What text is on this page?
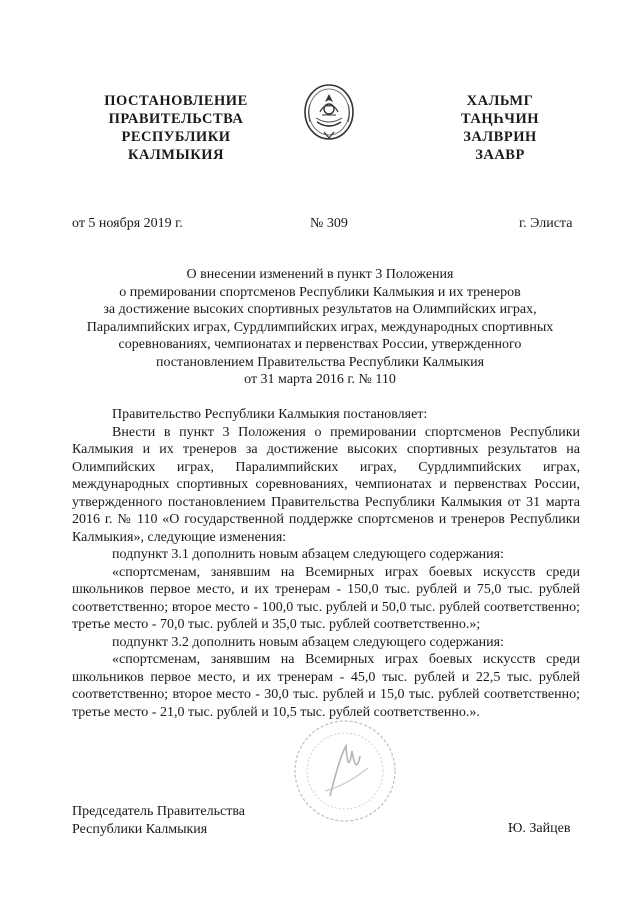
ПОСТАНОВЛЕНИЕ
ПРАВИТЕЛЬСТВА
РЕСПУБЛИКИ
КАЛМЫКИЯ
ХАЛЬМГ
ТАҢҺЧИН
ЗАЛВРИН
ЗААВР
от 5 ноября 2019 г.	№ 309	г. Элиста
О внесении изменений в пункт 3 Положения
о премировании спортсменов Республики Калмыкия и их тренеров
за достижение высоких спортивных результатов на Олимпийских играх,
Паралимпийских играх, Сурдлимпийских играх, международных спортивных
соревнованиях, чемпионатах и первенствах России, утвержденного
постановлением Правительства Республики Калмыкия
от 31 марта 2016 г. № 110

Правительство Республики Калмыкия постановляет:

Внести в пункт 3 Положения о премировании спортсменов Республики Калмыкия и их тренеров за достижение высоких спортивных результатов на Олимпийских играх, Паралимпийских играх, Сурдлимпийских играх, международных спортивных соревнованиях, чемпионатах и первенствах России, утвержденного постановлением Правительства Республики Калмыкия от 31 марта 2016 г. № 110 «О государственной поддержке спортсменов и тренеров Республики Калмыкия», следующие изменения:

подпункт 3.1 дополнить новым абзацем следующего содержания:

«спортсменам, занявшим на Всемирных играх боевых искусств среди школьников первое место, и их тренерам - 150,0 тыс. рублей и 75,0 тыс. рублей соответственно; второе место - 100,0 тыс. рублей и 50,0 тыс. рублей соответственно; третье место - 70,0 тыс. рублей и 35,0 тыс. рублей соответственно.»;

подпункт 3.2 дополнить новым абзацем следующего содержания:

«спортсменам, занявшим на Всемирных играх боевых искусств среди школьников первое место, и их тренерам - 45,0 тыс. рублей и 22,5 тыс. рублей соответственно; второе место - 30,0 тыс. рублей и 15,0 тыс. рублей соответственно; третье место - 21,0 тыс. рублей и 10,5 тыс. рублей соответственно.».

Председатель Правительства
Республики Калмыкия	Ю. Зайцев
